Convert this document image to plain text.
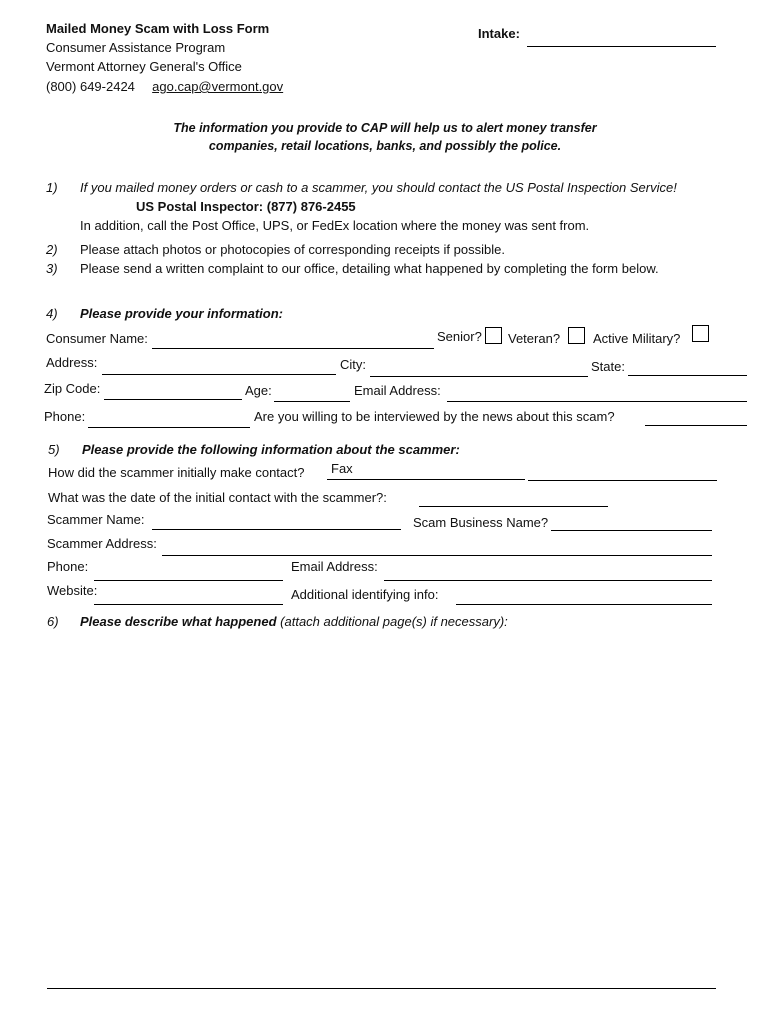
Mailed Money Scam with Loss Form
Consumer Assistance Program
Vermont Attorney General's Office
(800) 649-2424 ago.cap@vermont.gov
Intake:
The information you provide to CAP will help us to alert money transfer
companies, retail locations, banks, and possibly the police.
1) If you mailed money orders or cash to a scammer, you should contact the US Postal Inspection Service!
US Postal Inspector: (877) 876-2455
In addition, call the Post Office, UPS, or FedEx location where the money was sent from.
2) Please attach photos or photocopies of corresponding receipts if possible.
3) Please send a written complaint to our office, detailing what happened by completing the form below.
4) Please provide your information:
Consumer Name:	Senior? Veteran?	Active Military?
Address:	City:	State:
Zip Code:	Age:	Email Address:
Phone:	Are you willing to be interviewed by the news about this scam?
5) Please provide the following information about the scammer:
How did the scammer initially make contact? Fax
What was the date of the initial contact with the scammer?:
Scammer Name:	Scam Business Name?
Scammer Address:
Phone:	Email Address:
Website:	Additional identifying info:
6) Please describe what happened (attach additional page(s) if necessary):
